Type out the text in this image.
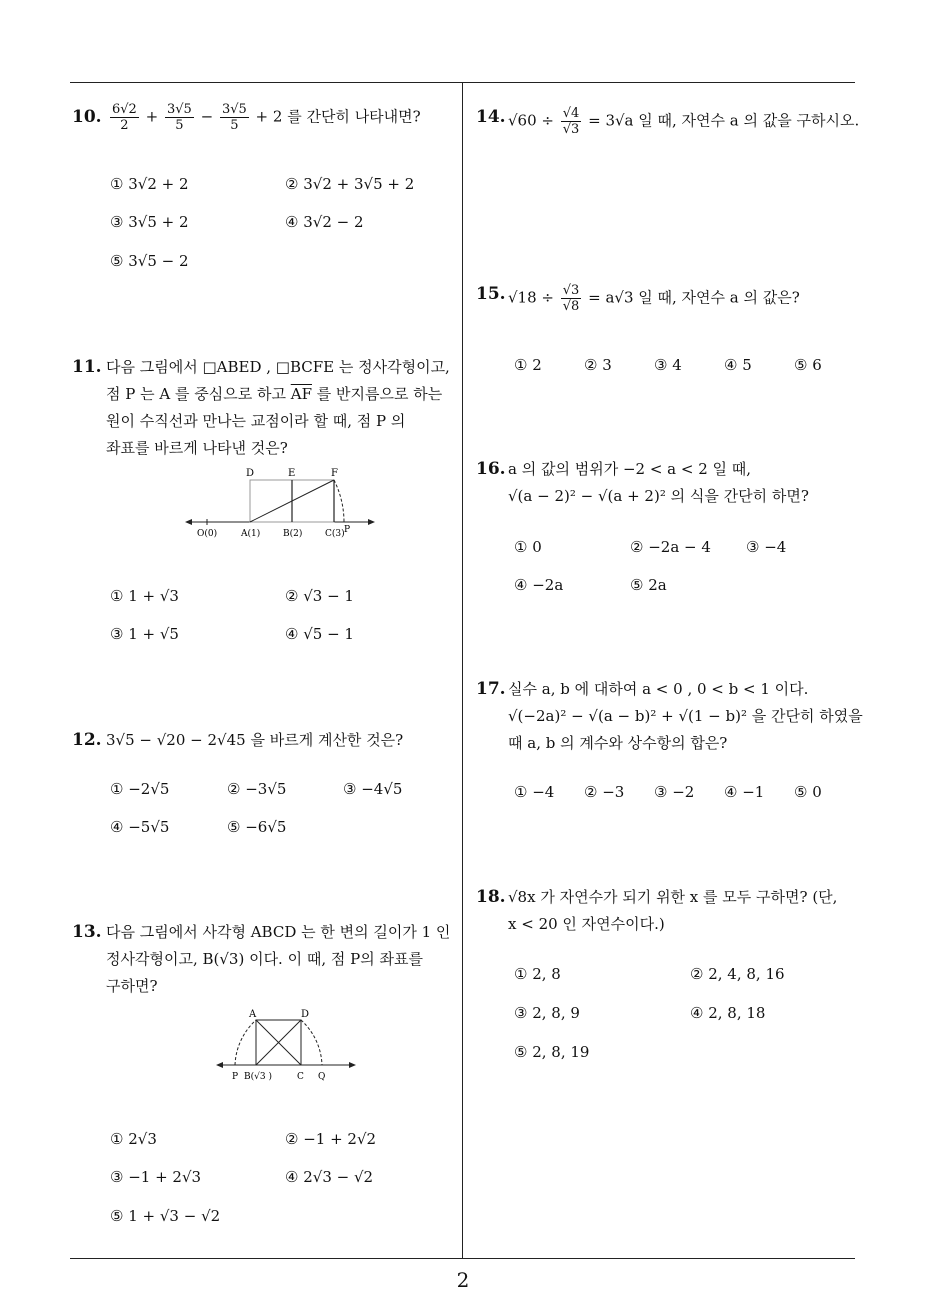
10. $\frac{6√2}{2} + \frac{3√5}{5} - \frac{3√5}{5} + 2$ 를 간단히 나타내면?
① 3√2 + 2	② 3√2 + 3√5 + 2
③ 3√5 + 2	④ 3√2 − 2
⑤ 3√5 − 2
11. 다음 그림에서 □ABED , □BCFE 는 정사각형이고,
점 P 는 A 를 중심으로 하고 $\overline{AF}$ 를 반지름으로 하는
원이 수직선과 만나는 교점이라 할 때, 점 P 의
좌표를 바르게 나타낸 것은?
D	E	F
O(0)	A(1)	B(2)	C(3) P
① 1 + √3	② √3 − 1
③ 1 + √5	④ √5 − 1
12. 3√5 − √20 − 2√45 을 바르게 계산한 것은?
① −2√5	② −3√5	③ −4√5
④ −5√5	⑤ −6√5
13. 다음 그림에서 사각형 ABCD 는 한 변의 길이가 1 인
정사각형이고, B(√3) 이다. 이 때, 점 P의 좌표를
구하면?
A	D
P B(√3 )	C Q
① 2√3	② −1 + 2√2
③ −1 + 2√3	④ 2√3 − √2
⑤ 1 + √3 − √2
14. $√60 \div \frac{√4}{√3} = 3√a$ 일 때, 자연수 a 의 값을 구하시오.
15. $√18 \div \frac{√3}{√8} = a√3$ 일 때, 자연수 a 의 값은?
① 2	② 3	③ 4	④ 5	⑤ 6
16. a 의 값의 범위가 −2 < a < 2 일 때,
√(a − 2)² − √(a + 2)² 의 식을 간단히 하면?
① 0	② −2a − 4 ③ −4
④ −2a	⑤ 2a
17. 실수 a, b 에 대하여 a < 0 , 0 < b < 1 이다.
√(−2a)² − √(a − b)² + √(1 − b)² 을 간단히 하였을
때 a, b 의 계수와 상수항의 합은?
① −4 ② −3 ③ −2 ④ −1 ⑤ 0
18. √8x 가 자연수가 되기 위한 x 를 모두 구하면? (단,
x < 20 인 자연수이다.)
① 2, 8	② 2, 4, 8, 16
③ 2, 8, 9	④ 2, 8, 18
⑤ 2, 8, 19
2
